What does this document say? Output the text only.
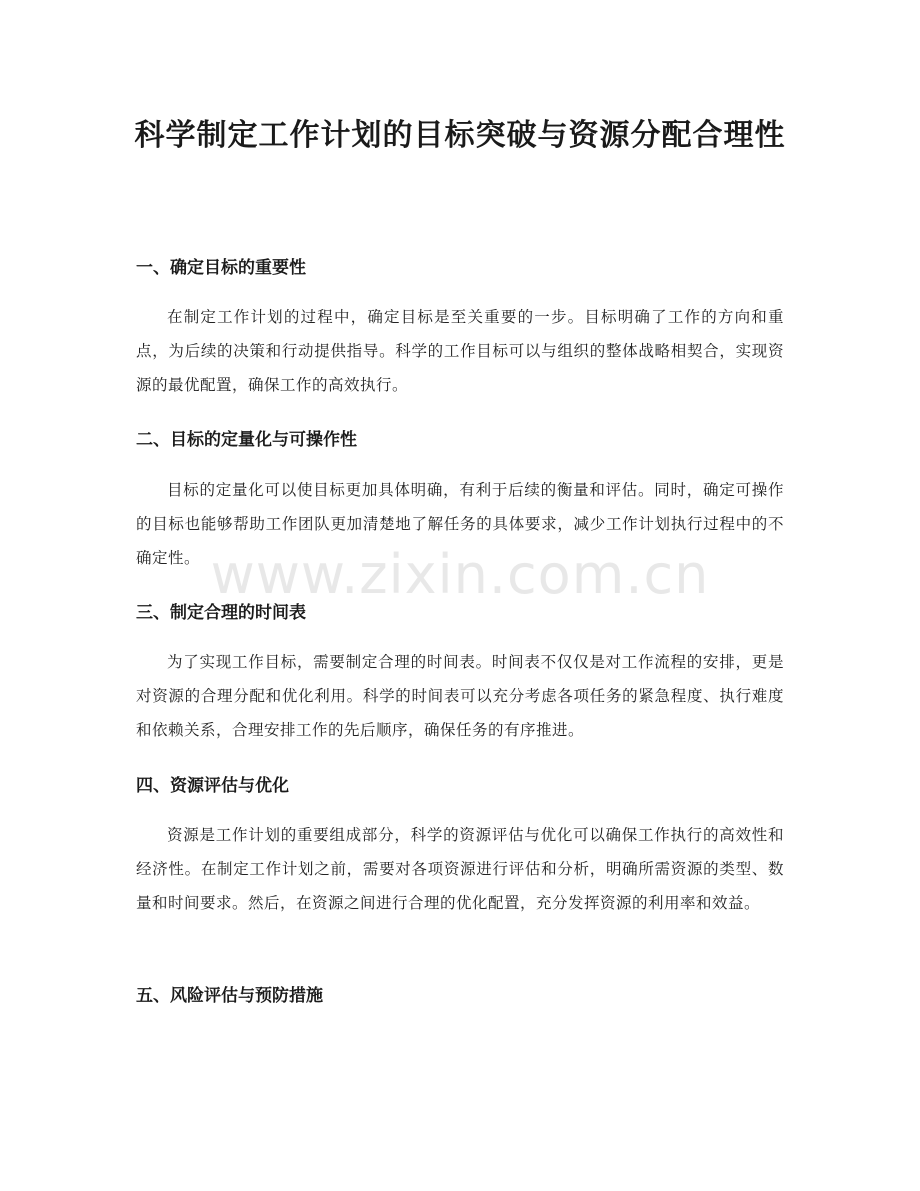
科学制定工作计划的目标突破与资源分配合理性
一、确定目标的重要性
在制定工作计划的过程中，确定目标是至关重要的一步。目标明确了工作的方向和重点，为后续的决策和行动提供指导。科学的工作目标可以与组织的整体战略相契合，实现资源的最优配置，确保工作的高效执行。
二、目标的定量化与可操作性
目标的定量化可以使目标更加具体明确，有利于后续的衡量和评估。同时，确定可操作的目标也能够帮助工作团队更加清楚地了解任务的具体要求，减少工作计划执行过程中的不确定性。
三、制定合理的时间表
为了实现工作目标，需要制定合理的时间表。时间表不仅仅是对工作流程的安排，更是对资源的合理分配和优化利用。科学的时间表可以充分考虑各项任务的紧急程度、执行难度和依赖关系，合理安排工作的先后顺序，确保任务的有序推进。
四、资源评估与优化
资源是工作计划的重要组成部分，科学的资源评估与优化可以确保工作执行的高效性和经济性。在制定工作计划之前，需要对各项资源进行评估和分析，明确所需资源的类型、数量和时间要求。然后，在资源之间进行合理的优化配置，充分发挥资源的利用率和效益。
五、风险评估与预防措施
www.zixin.com.cn
